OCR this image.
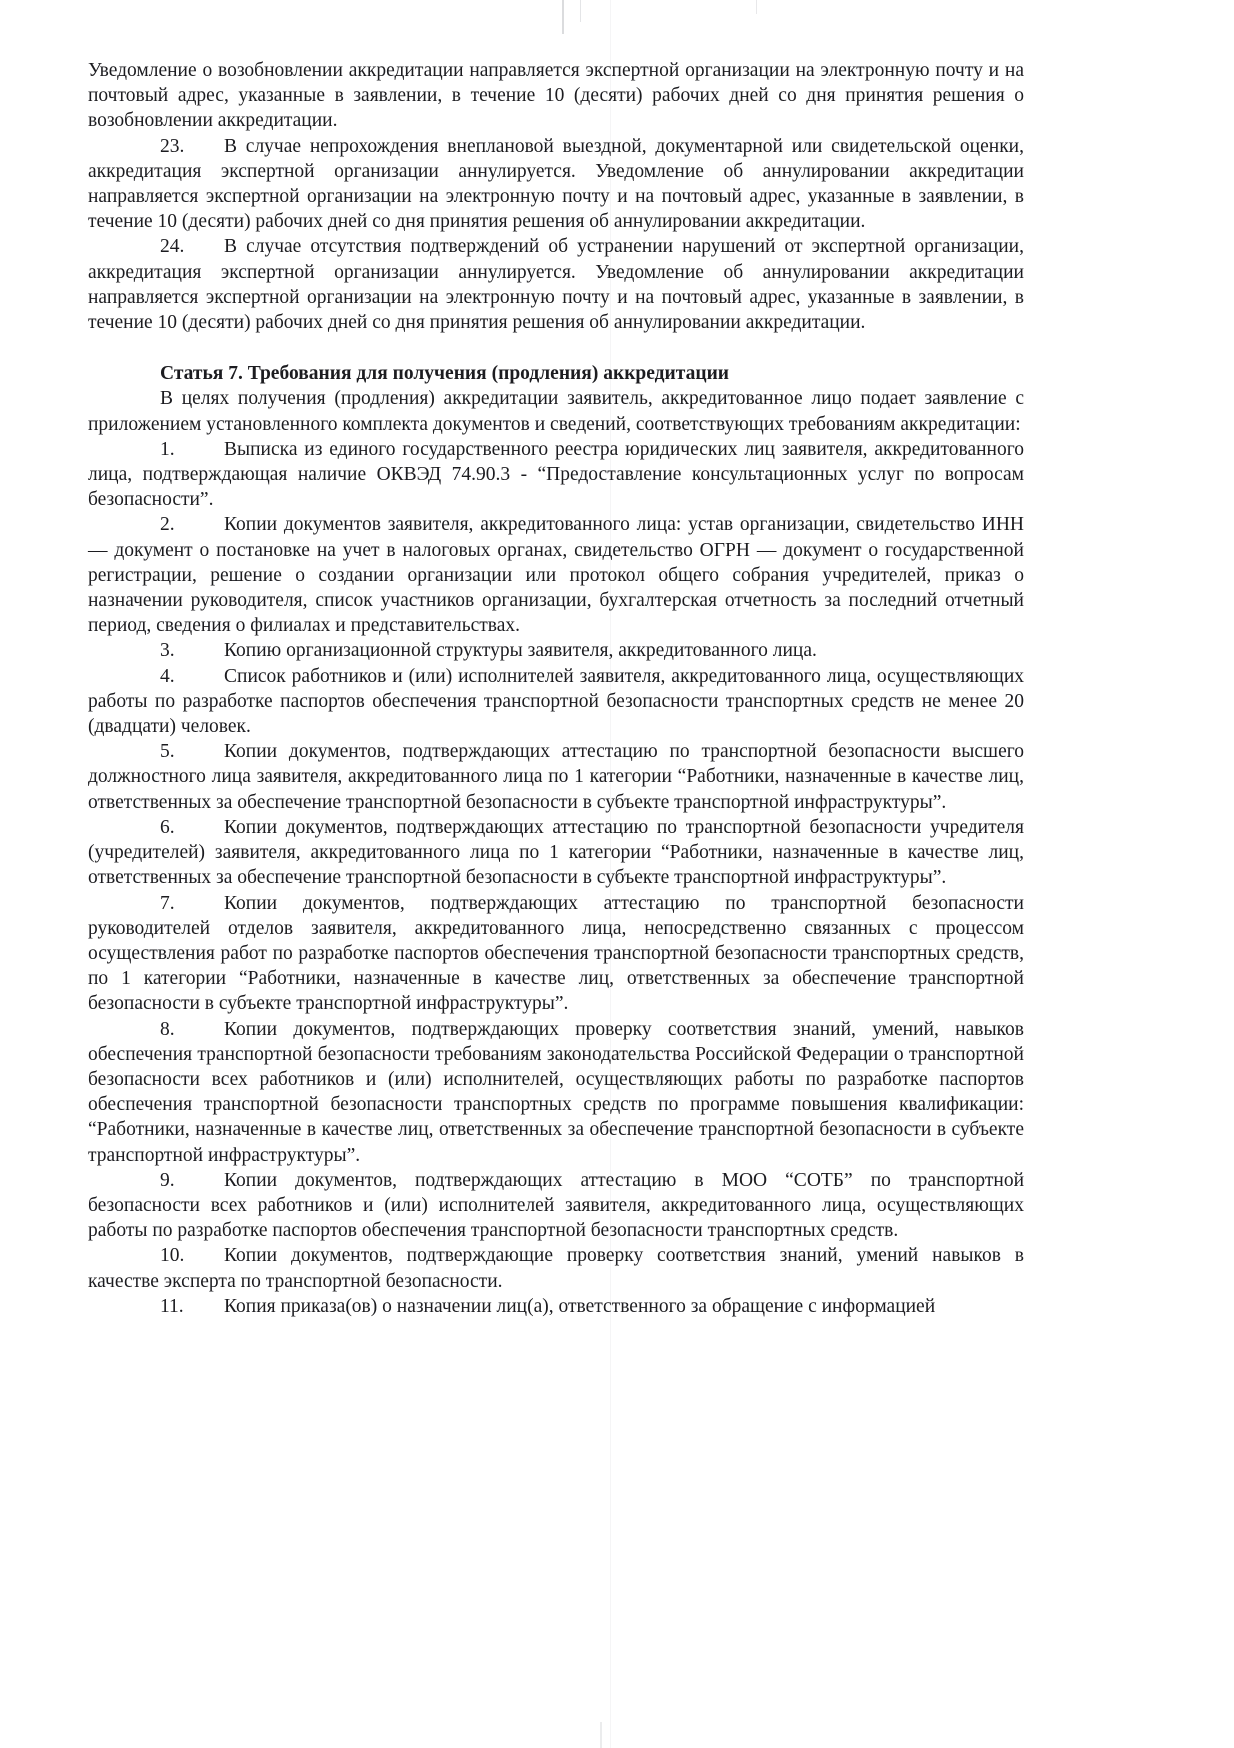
Уведомление о возобновлении аккредитации направляется экспертной организации на электронную почту и на почтовый адрес, указанные в заявлении, в течение 10 (десяти) рабочих дней со дня принятия решения о возобновлении аккредитации.

23. В случае непрохождения внеплановой выездной, документарной или свидетельской оценки, аккредитация экспертной организации аннулируется. Уведомление об аннулировании аккредитации направляется экспертной организации на электронную почту и на почтовый адрес, указанные в заявлении, в течение 10 (десяти) рабочих дней со дня принятия решения об аннулировании аккредитации.

24. В случае отсутствия подтверждений об устранении нарушений от экспертной организации, аккредитация экспертной организации аннулируется. Уведомление об аннулировании аккредитации направляется экспертной организации на электронную почту и на почтовый адрес, указанные в заявлении, в течение 10 (десяти) рабочих дней со дня принятия решения об аннулировании аккредитации.

Статья 7. Требования для получения (продления) аккредитации

В целях получения (продления) аккредитации заявитель, аккредитованное лицо подает заявление с приложением установленного комплекта документов и сведений, соответствующих требованиям аккредитации:

1.	Выписка из единого государственного реестра юридических лиц заявителя, аккредитованного лица, подтверждающая наличие ОКВЭД 74.90.3 - “Предоставление консультационных услуг по вопросам безопасности”.

2.	Копии документов заявителя, аккредитованного лица: устав организации, свидетельство ИНН — документ о постановке на учет в налоговых органах, свидетельство ОГРН — документ о государственной регистрации, решение о создании организации или протокол общего собрания учредителей, приказ о назначении руководителя, список участников организации, бухгалтерская отчетность за последний отчетный период, сведения о филиалах и представительствах.

3.	Копию организационной структуры заявителя, аккредитованного лица.

4.	Список работников и (или) исполнителей заявителя, аккредитованного лица, осуществляющих работы по разработке паспортов обеспечения транспортной безопасности транспортных средств не менее 20 (двадцати) человек.

5.	Копии документов, подтверждающих аттестацию по транспортной безопасности высшего должностного лица заявителя, аккредитованного лица по 1 категории “Работники, назначенные в качестве лиц, ответственных за обеспечение транспортной безопасности в субъекте транспортной инфраструктуры”.

6.	Копии документов, подтверждающих аттестацию по транспортной безопасности учредителя (учредителей) заявителя, аккредитованного лица по 1 категории “Работники, назначенные в качестве лиц, ответственных за обеспечение транспортной безопасности в субъекте транспортной инфраструктуры”.

7.	Копии документов, подтверждающих аттестацию по транспортной безопасности руководителей отделов заявителя, аккредитованного лица, непосредственно связанных с процессом осуществления работ по разработке паспортов обеспечения транспортной безопасности транспортных средств, по 1 категории “Работники, назначенные в качестве лиц, ответственных за обеспечение транспортной безопасности в субъекте транспортной инфраструктуры”.

8.	Копии документов, подтверждающих проверку соответствия знаний, умений, навыков обеспечения транспортной безопасности требованиям законодательства Российской Федерации о транспортной безопасности всех работников и (или) исполнителей, осуществляющих работы по разработке паспортов обеспечения транспортной безопасности транспортных средств по программе повышения квалификации: “Работники, назначенные в качестве лиц, ответственных за обеспечение транспортной безопасности в субъекте транспортной инфраструктуры”.

9.	Копии документов, подтверждающих аттестацию в МОО “СОТБ” по транспортной безопасности всех работников и (или) исполнителей заявителя, аккредитованного лица, осуществляющих работы по разработке паспортов обеспечения транспортной безопасности транспортных средств.

10. Копии документов, подтверждающие проверку соответствия знаний, умений навыков в качестве эксперта по транспортной безопасности.

11. Копия приказа(ов) о назначении лиц(а), ответственного за обращение с информацией
